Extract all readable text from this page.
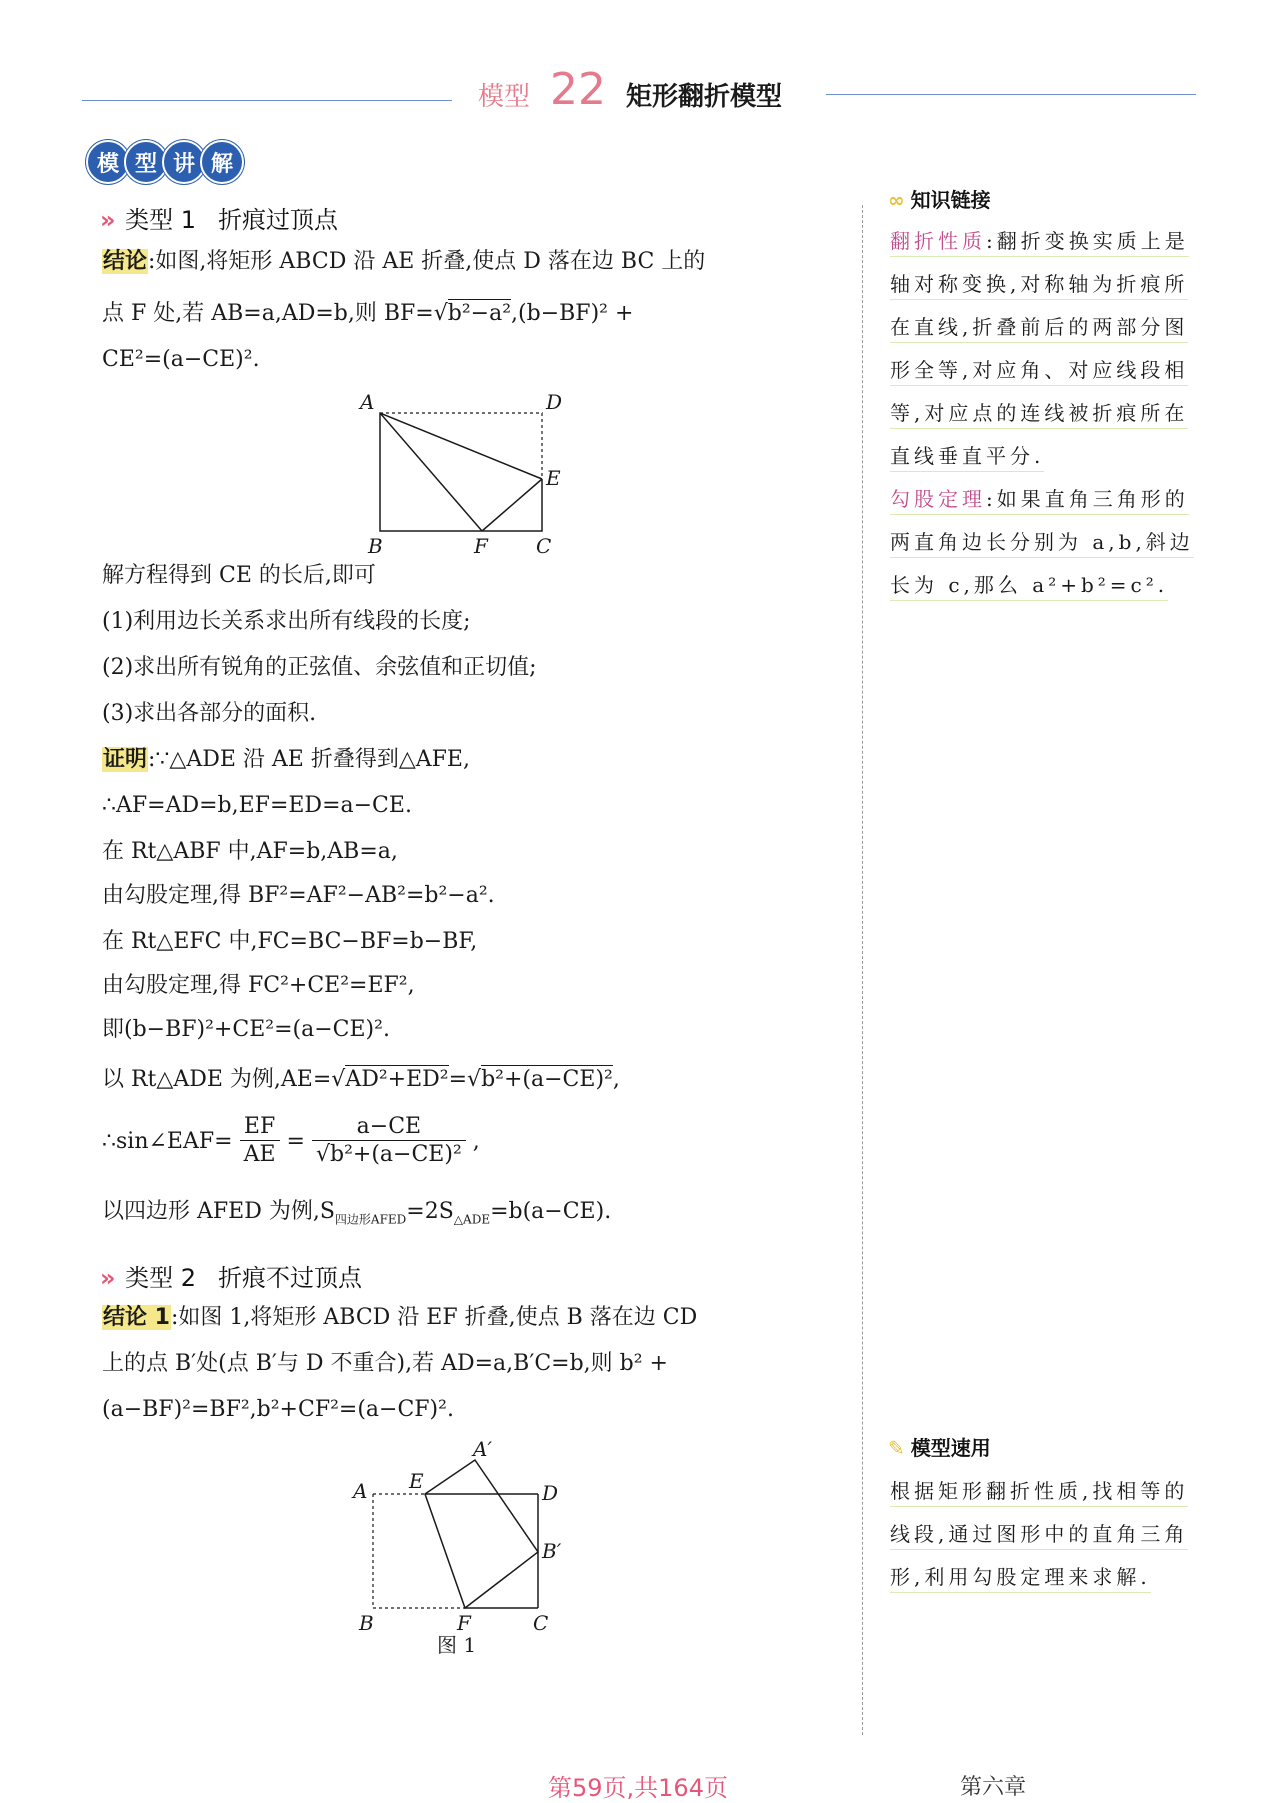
模型 22 矩形翻折模型
模 型 讲 解
» 类型 1 折痕过顶点
结论:如图,将矩形 ABCD 沿 AE 折叠,使点 D 落在边 BC 上的
点 F 处,若 AB=a,AD=b,则 BF=√b²−a²,(b−BF)² +
CE²=(a−CE)².
A	D
E
B	F C
解方程得到 CE 的长后,即可
(1)利用边长关系求出所有线段的长度;
(2)求出所有锐角的正弦值、余弦值和正切值;
(3)求出各部分的面积.
证明:∵△ADE 沿 AE 折叠得到△AFE,
∴AF=AD=b,EF=ED=a−CE.
在 Rt△ABF 中,AF=b,AB=a,
由勾股定理,得 BF²=AF²−AB²=b²−a².
在 Rt△EFC 中,FC=BC−BF=b−BF,
由勾股定理,得 FC²+CE²=EF²,
即(b−BF)²+CE²=(a−CE)².
以 Rt△ADE 为例,AE=√AD²+ED²=√b²+(a−CE)²,
∴sin∠EAF= $\frac{EF}{AE} = \frac{a-CE}{\text{√b²+(a−CE)²}}$ ,
以四边形 AFED 为例$,S_{四边形AFED}=2S_{\triangle ADE}=b(a-CE)$.
» 类型 2 折痕不过顶点
结论 1:如图 1,将矩形 ABCD 沿 EF 折叠,使点 B 落在边 CD
上的点 B′处(点 B′与 D 不重合),若 AD=a,B′C=b,则 b² +
(a−BF)²=BF²,b²+CF²=(a−CF)².
A E
A′
D
B′
B	F	C
图 1
∞ 知识链接
翻折性质:翻折变换实质上是
轴对称变换,对称轴为折痕所
在直线,折叠前后的两部分图
形全等,对应角、对应线段相
等,对应点的连线被折痕所在
直线垂直平分.
勾股定理:如果直角三角形的
两直角边长分别为 a,b,斜边
长为 c,那么 a²+b²=c².
✎ 模型速用
根据矩形翻折性质,找相等的
线段,通过图形中的直角三角
形,利用勾股定理来求解.
第59页,共164页	第六章
